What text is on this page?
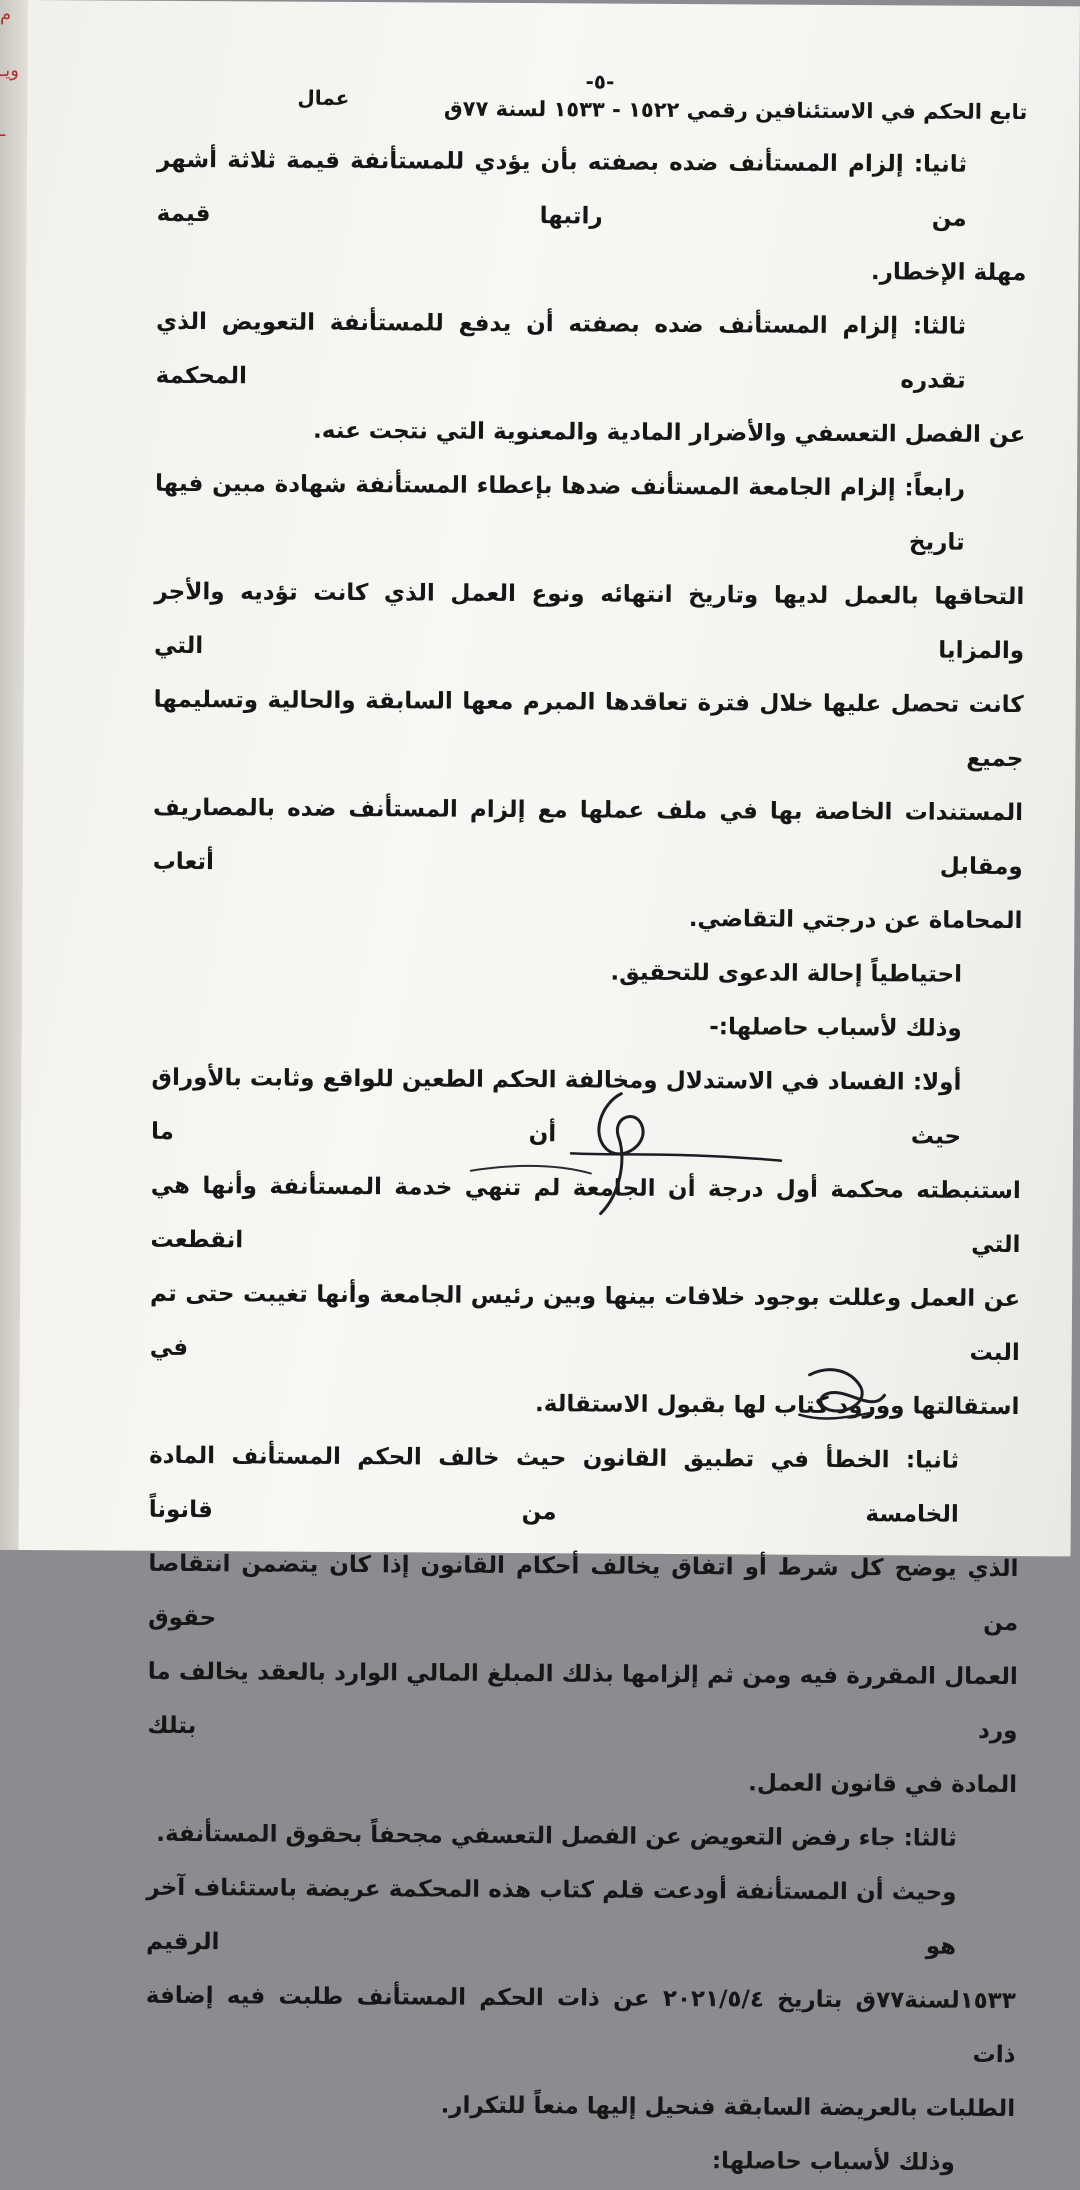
م
ويـ
ـ
-٥-
تابع الحكم في الاستئنافين رقمي ١٥٢٢ - ١٥٣٣ لسنة ٧٧ق
عمال

ثانيا: إلزام المستأنف ضده بصفته بأن يؤدي للمستأنفة قيمة ثلاثة أشهر من راتبها قيمة

مهلة الإخطار.

ثالثا: إلزام المستأنف ضده بصفته أن يدفع للمستأنفة التعويض الذي تقدره المحكمة

عن الفصل التعسفي والأضرار المادية والمعنوية التي نتجت عنه.

رابعاً: إلزام الجامعة المستأنف ضدها بإعطاء المستأنفة شهادة مبين فيها تاريخ

التحاقها بالعمل لديها وتاريخ انتهائه ونوع العمل الذي كانت تؤديه والأجر والمزايا التي

كانت تحصل عليها خلال فترة تعاقدها المبرم معها السابقة والحالية وتسليمها جميع

المستندات الخاصة بها في ملف عملها مع إلزام المستأنف ضده بالمصاريف ومقابل أتعاب

المحاماة عن درجتي التقاضي.

احتياطياً إحالة الدعوى للتحقيق.

وذلك لأسباب حاصلها:-

أولا: الفساد في الاستدلال ومخالفة الحكم الطعين للواقع وثابت بالأوراق حيث أن ما

استنبطته محكمة أول درجة أن الجامعة لم تنهي خدمة المستأنفة وأنها هي التي انقطعت

عن العمل وعللت بوجود خلافات بينها وبين رئيس الجامعة وأنها تغيبت حتى تم البت في

استقالتها وورود كتاب لها بقبول الاستقالة.

ثانيا: الخطأ في تطبيق القانون حيث خالف الحكم المستأنف المادة الخامسة من قانوناً

الذي يوضح كل شرط أو اتفاق يخالف أحكام القانون إذا كان يتضمن انتقاصا من حقوق

العمال المقررة فيه ومن ثم إلزامها بذلك المبلغ المالي الوارد بالعقد يخالف ما ورد بتلك

المادة في قانون العمل.

ثالثا: جاء رفض التعويض عن الفصل التعسفي مجحفاً بحقوق المستأنفة.

وحيث أن المستأنفة أودعت قلم كتاب هذه المحكمة عريضة باستئناف آخر هو الرقيم

١٥٣٣لسنة٧٧ق بتاريخ ٢٠٢١/٥/٤ عن ذات الحكم المستأنف طلبت فيه إضافة ذات

الطلبات بالعريضة السابقة فنحيل إليها منعاً للتكرار.

وذلك لأسباب حاصلها:
